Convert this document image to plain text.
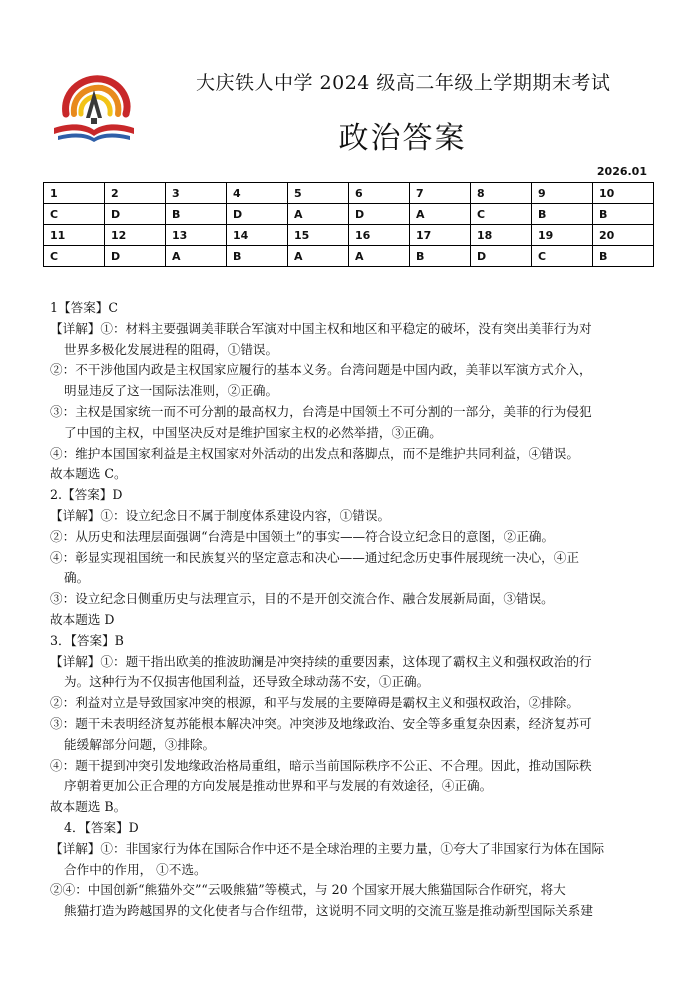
大庆铁人中学 2024 级高二年级上学期期末考试
政治答案
2026.01
1	2	3	4	5	6	7	8	9	10
C	D	B	D	A	D	A	C	B	B
11	12	13	14	15	16	17	18	19	20
C	D	A	B	A	A	B	D	C	B

1【答案】C

【详解】①：材料主要强调美菲联合军演对中国主权和地区和平稳定的破坏，没有突出美菲行为对

世界多极化发展进程的阻碍，①错误。

②：不干涉他国内政是主权国家应履行的基本义务。台湾问题是中国内政，美菲以军演方式介入，

明显违反了这一国际法准则，②正确。

③：主权是国家统一而不可分割的最高权力，台湾是中国领土不可分割的一部分，美菲的行为侵犯

了中国的主权，中国坚决反对是维护国家主权的必然举措，③正确。

④：维护本国国家利益是主权国家对外活动的出发点和落脚点，而不是维护共同利益，④错误。

故本题选 C。

2.【答案】D

【详解】①：设立纪念日不属于制度体系建设内容，①错误。

②：从历史和法理层面强调“台湾是中国领土”的事实——符合设立纪念日的意图，②正确。

④：彰显实现祖国统一和民族复兴的坚定意志和决心——通过纪念历史事件展现统一决心，④正

确。

③：设立纪念日侧重历史与法理宣示，目的不是开创交流合作、融合发展新局面，③错误。

故本题选 D

3．【答案】B

【详解】①：题干指出欧美的推波助澜是冲突持续的重要因素，这体现了霸权主义和强权政治的行

为。这种行为不仅损害他国利益，还导致全球动荡不安，①正确。

②：利益对立是导致国家冲突的根源，和平与发展的主要障碍是霸权主义和强权政治，②排除。

③：题干未表明经济复苏能根本解决冲突。冲突涉及地缘政治、安全等多重复杂因素，经济复苏可

能缓解部分问题，③排除。

④：题干提到冲突引发地缘政治格局重组，暗示当前国际秩序不公正、不合理。因此，推动国际秩

序朝着更加公正合理的方向发展是推动世界和平与发展的有效途径，④正确。

故本题选 B。

4．【答案】D

【详解】①：非国家行为体在国际合作中还不是全球治理的主要力量，①夸大了非国家行为体在国际

合作中的作用， ①不选。

②④：中国创新“熊猫外交”“云吸熊猫”等模式，与 20 个国家开展大熊猫国际合作研究，将大

熊猫打造为跨越国界的文化使者与合作纽带，这说明不同文明的交流互鉴是推动新型国际关系建
